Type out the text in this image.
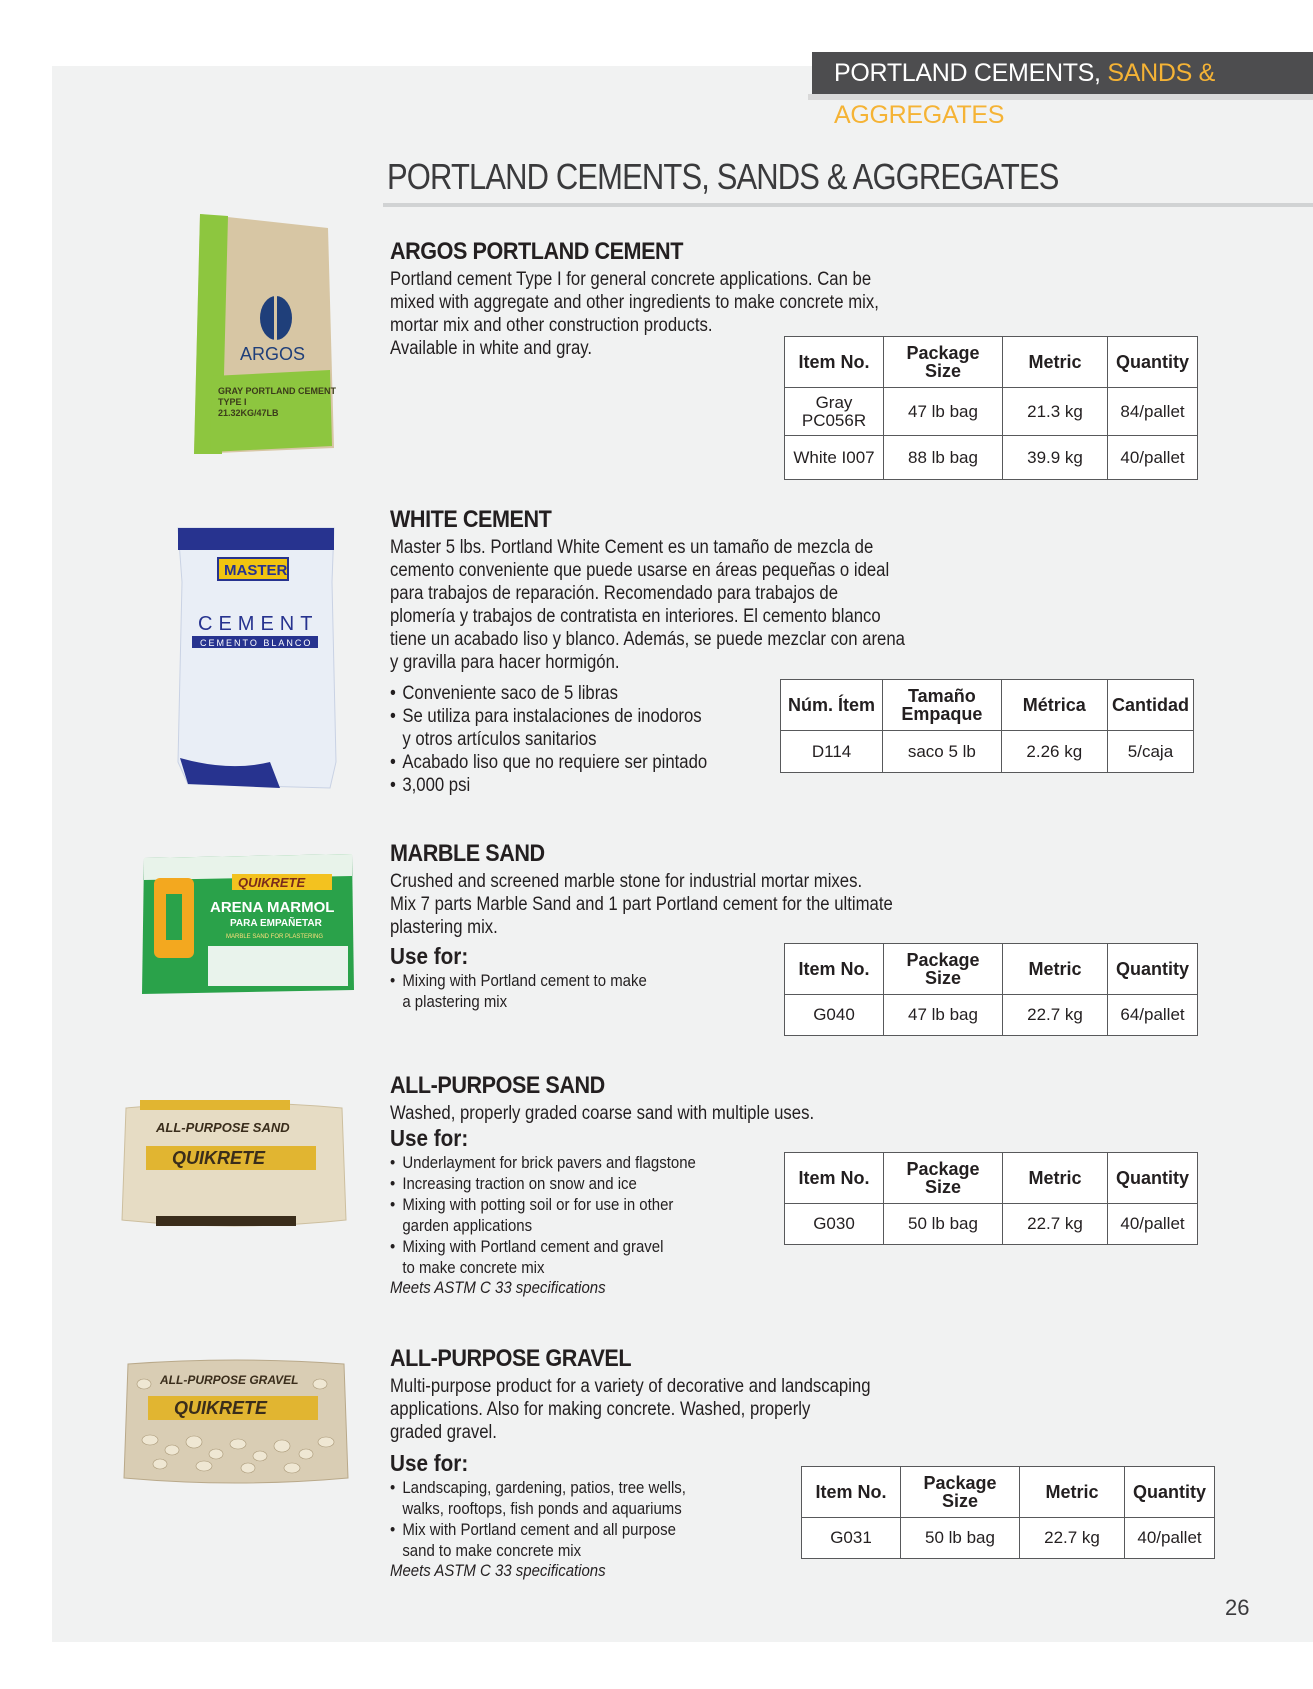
PORTLAND CEMENTS, SANDS & AGGREGATES
PORTLAND CEMENTS, SANDS & AGGREGATES
ARGOS
GRAY PORTLAND CEMENT
TYPE I
21.32KG/47LB
ARGOS PORTLAND CEMENT
Portland cement Type I for general concrete applications. Can be
mixed with aggregate and other ingredients to make concrete mix,
mortar mix and other construction products.
Available in white and gray.
Item No.	Package Size	Metric	Quantity
Gray PC056R	47 lb bag	21.3 kg	84/pallet
White I007	88 lb bag	39.9 kg	40/pallet
MASTER
CEMENT
CEMENTO BLANCO
WHITE CEMENT
Master 5 lbs. Portland White Cement es un tamaño de mezcla de
cemento conveniente que puede usarse en áreas pequeñas o ideal
para trabajos de reparación. Recomendado para trabajos de
plomería y trabajos de contratista en interiores. El cemento blanco
tiene un acabado liso y blanco. Además, se puede mezclar con arena
y gravilla para hacer hormigón.
• Conveniente saco de 5 libras
• Se utiliza para instalaciones de inodoros
y otros artículos sanitarios
• Acabado liso que no requiere ser pintado
• 3,000 psi
Núm. Ítem	Tamaño Empaque	Métrica	Cantidad
D114	saco 5 lb	2.26 kg	5/caja
QUIKRETE
ARENA MARMOL
PARA EMPAÑETAR
MARBLE SAND FOR PLASTERING
MARBLE SAND
Crushed and screened marble stone for industrial mortar mixes.
Mix 7 parts Marble Sand and 1 part Portland cement for the ultimate
plastering mix.
Use for:
• Mixing with Portland cement to make
a plastering mix
Item No.	Package Size	Metric	Quantity
G040	47 lb bag	22.7 kg	64/pallet
ALL-PURPOSE SAND
QUIKRETE
ALL-PURPOSE SAND
Washed, properly graded coarse sand with multiple uses.
Use for:
• Underlayment for brick pavers and flagstone
• Increasing traction on snow and ice
• Mixing with potting soil or for use in other
garden applications
• Mixing with Portland cement and gravel
to make concrete mix
Meets ASTM C 33 specifications
Item No.	Package Size	Metric	Quantity
G030	50 lb bag	22.7 kg	40/pallet
ALL-PURPOSE GRAVEL
QUIKRETE
ALL-PURPOSE GRAVEL
Multi-purpose product for a variety of decorative and landscaping
applications. Also for making concrete. Washed, properly
graded gravel.
Use for:
• Landscaping, gardening, patios, tree wells,
walks, rooftops, fish ponds and aquariums
• Mix with Portland cement and all purpose
sand to make concrete mix
Meets ASTM C 33 specifications
Item No.	Package Size	Metric	Quantity
G031	50 lb bag	22.7 kg	40/pallet
26
